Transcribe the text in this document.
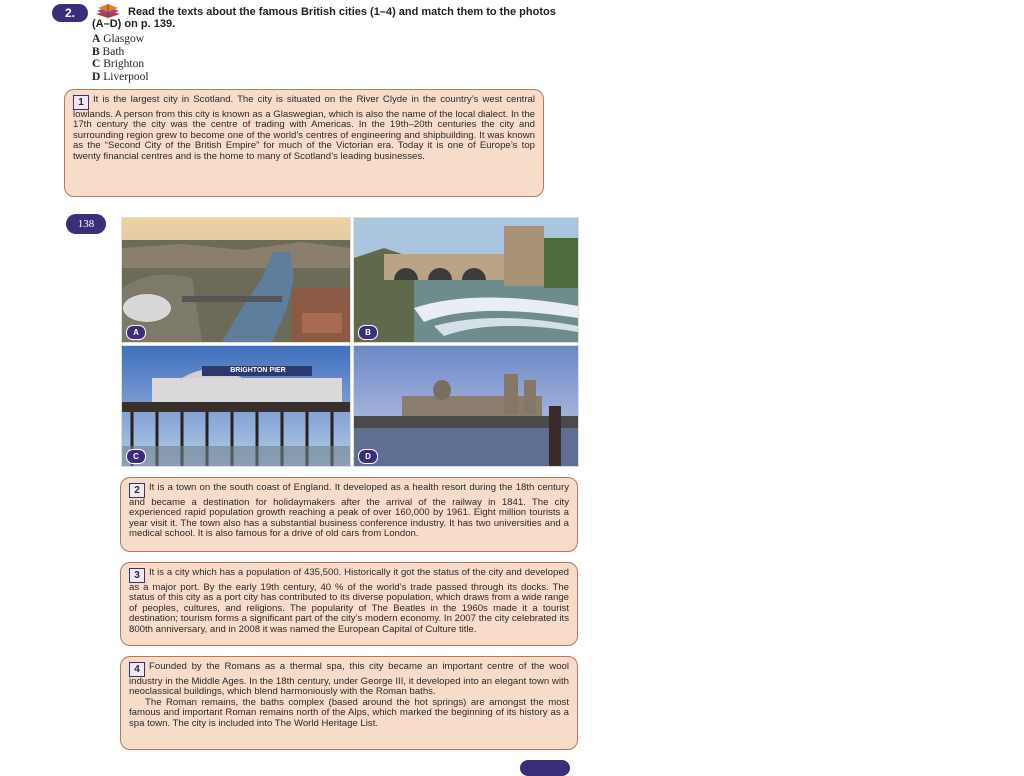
2.	Read the texts about the famous British cities (1–4) and match them to the photos (A–D) on p. 139.
A Glasgow
B Bath
C Brighton
D Liverpool
1 It is the largest city in Scotland. The city is situated on the River Clyde in the country’s west central lowlands. A person from this city is known as a Glaswegian, which is also the name of the local dialect. In the 17th century the city was the centre of trading with Americas. In the 19th–20th centuries the city and surrounding region grew to become one of the world’s centres of engineering and shipbuilding. It was known as the “Second City of the British Empire” for much of the Victorian era. Today it is one of Europe’s top twenty financial centres and is the home to many of Scotland’s leading businesses.
138
A	B
BRIGHTON PIER
C	D
2 It is a town on the south coast of England. It developed as a health resort during the 18th century and became a destination for holidaymakers after the arrival of the railway in 1841. The city experienced rapid population growth reaching a peak of over 160,000 by 1961. Eight million tourists a year visit it. The town also has a substantial business conference industry. It has two universities and a medical school. It is also famous for a drive of old cars from London.
3 It is a city which has a population of 435,500. Historically it got the status of the city and developed as a major port. By the early 19th century, 40 % of the world’s trade passed through its docks. The status of this city as a port city has contributed to its diverse population, which draws from a wide range of peoples, cultures, and religions. The popularity of The Beatles in the 1960s made it a tourist destination; tourism forms a significant part of the city’s modern economy. In 2007 the city celebrated its 800th anniversary, and in 2008 it was named the European Capital of Culture title.
4 Founded by the Romans as a thermal spa, this city became an important centre of the wool industry in the Middle Ages. In the 18th century, under George III, it developed into an elegant town with neoclassical buildings, which blend harmoniously with the Roman baths.
The Roman remains, the baths complex (based around the hot springs) are amongst the most famous and important Roman remains north of the Alps, which marked the beginning of its history as a spa town. The city is included into The World Heritage List.
